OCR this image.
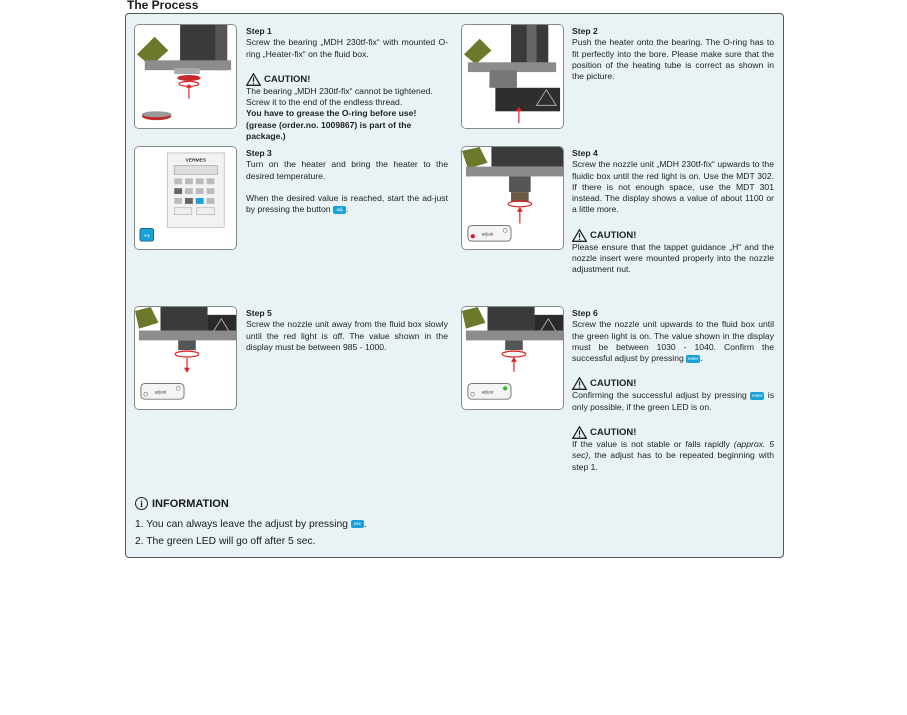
The Process
Step 1

Screw the bearing „MDH 230tf-fix“ with mounted O-ring „Heater-fix“ on the fluid box.

CAUTION!

The bearing „MDH 230tf-fix“ cannot be tightened. Screw it to the end of the endless thread.

You have to grease the O-ring before use! (grease (order.no. 1009867) is part of the package.)

Step 2

Push the heater onto the bearing. The O-ring has to fit perfectly into the bore. Please make sure that the position of the heating tube is correct as shown in the picture.

VERMES
adj
Step 3

Turn on the heater and bring the heater to the desired temperature.

When the desired value is reached, start the ad-just by pressing the button adj .

adjust
Step 4

Screw the nozzle unit „MDH 230tf-fix“ upwards to the fluidic box until the red light is on. Use the MDT 302. If there is not enough space, use the MDT 301 instead. The display shows a value of about 1100 or a little more.

CAUTION!

Please ensure that the tappet guidance „H“ and the nozzle insert were mounted properly into the nozzle adjustment nut.

adjust
Step 5

Screw the nozzle unit away from the fluid box slowly until the red light is off. The value shown in the display must be between 985 - 1000.

adjust
Step 6

Screw the nozzle unit upwards to the fluid box until the green light is on. The value shown in the display must be between 1030 - 1040. Confirm the successful adjust by pressing enter .

CAUTION!

Confirming the successful adjust by pressing enter is only possible, if the green LED is on.

CAUTION!

If the value is not stable or falls rapidly (approx. 5 sec), the adjust has to be repeated beginning with step 1.

i INFORMATION
1. You can always leave the adjust by pressing esc .
2. The green LED will go off after 5 sec.
